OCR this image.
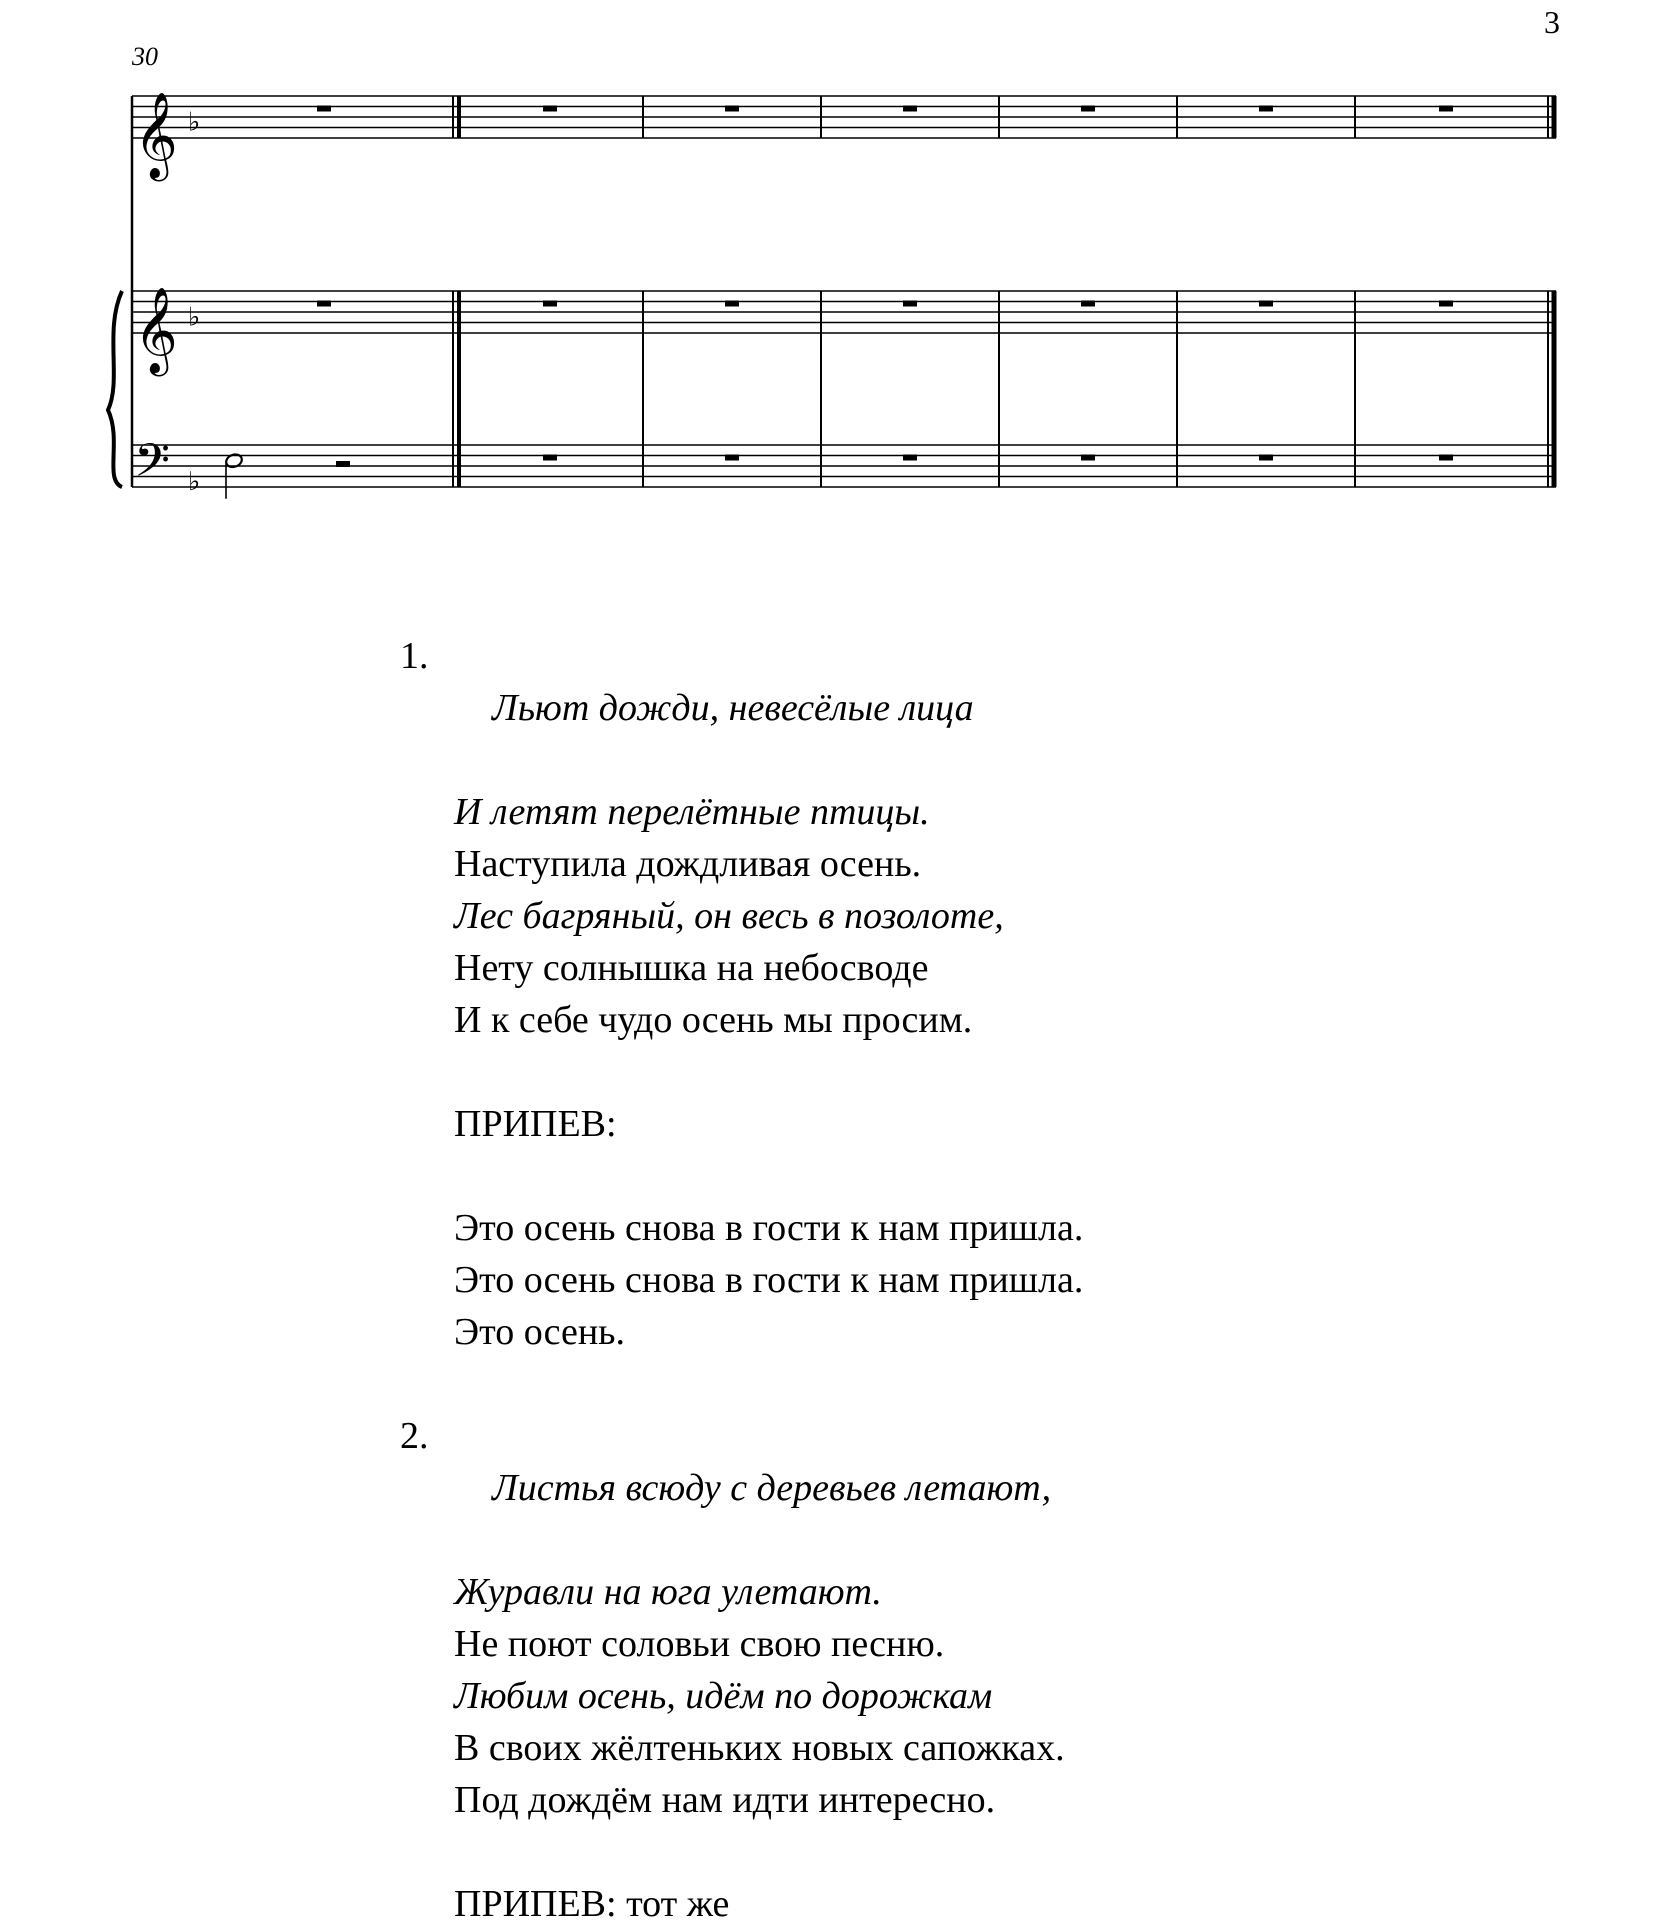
3
30
𝄞
𝄞
𝄢
♭
♭
♭

1.
Льют дожди, невесёлые лица

И летят перелётные птицы.
Наступила дождливая осень.
Лес багряный, он весь в позолоте,
Нету солнышка на небосводе
И к себе чудо осень мы просим.
ПРИПЕВ:
Это осень снова в гости к нам пришла.
Это осень снова в гости к нам пришла.
Это осень.

2.
Листья всюду с деревьев летают,

Журавли на юга улетают.
Не поют соловьи свою песню.
Любим осень, идём по дорожкам
В своих жёлтеньких новых сапожках.
Под дождём нам идти интересно.
ПРИПЕВ: тот же
